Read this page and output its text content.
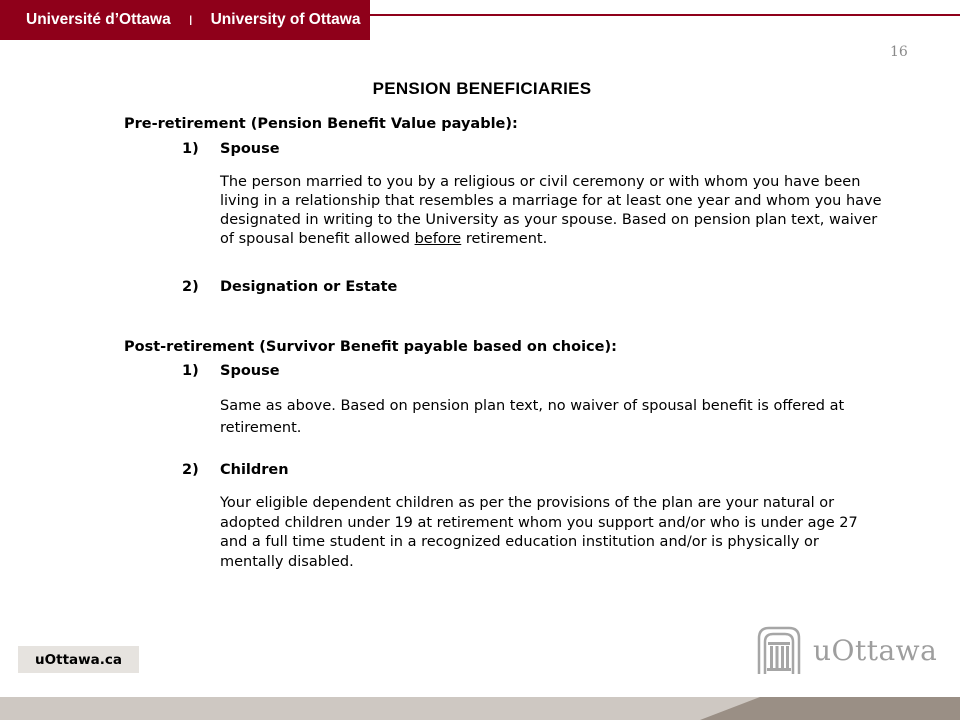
Université d’Ottawa I University of Ottawa
16
PENSION BENEFICIARIES
Pre-retirement (Pension Benefit Value payable):
1) Spouse
The person married to you by a religious or civil ceremony or with whom you have been living in a relationship that resembles a marriage for at least one year and whom you have designated in writing to the University as your spouse. Based on pension plan text, waiver of spousal benefit allowed before retirement.
2) Designation or Estate
Post-retirement (Survivor Benefit payable based on choice):
1) Spouse
Same as above. Based on pension plan text, no waiver of spousal benefit is offered at retirement.
2) Children
Your eligible dependent children as per the provisions of the plan are your natural or adopted children under 19 at retirement whom you support and/or who is under age 27 and a full time student in a recognized education institution and/or is physically or mentally disabled.
uOttawa.ca	uOttawa
